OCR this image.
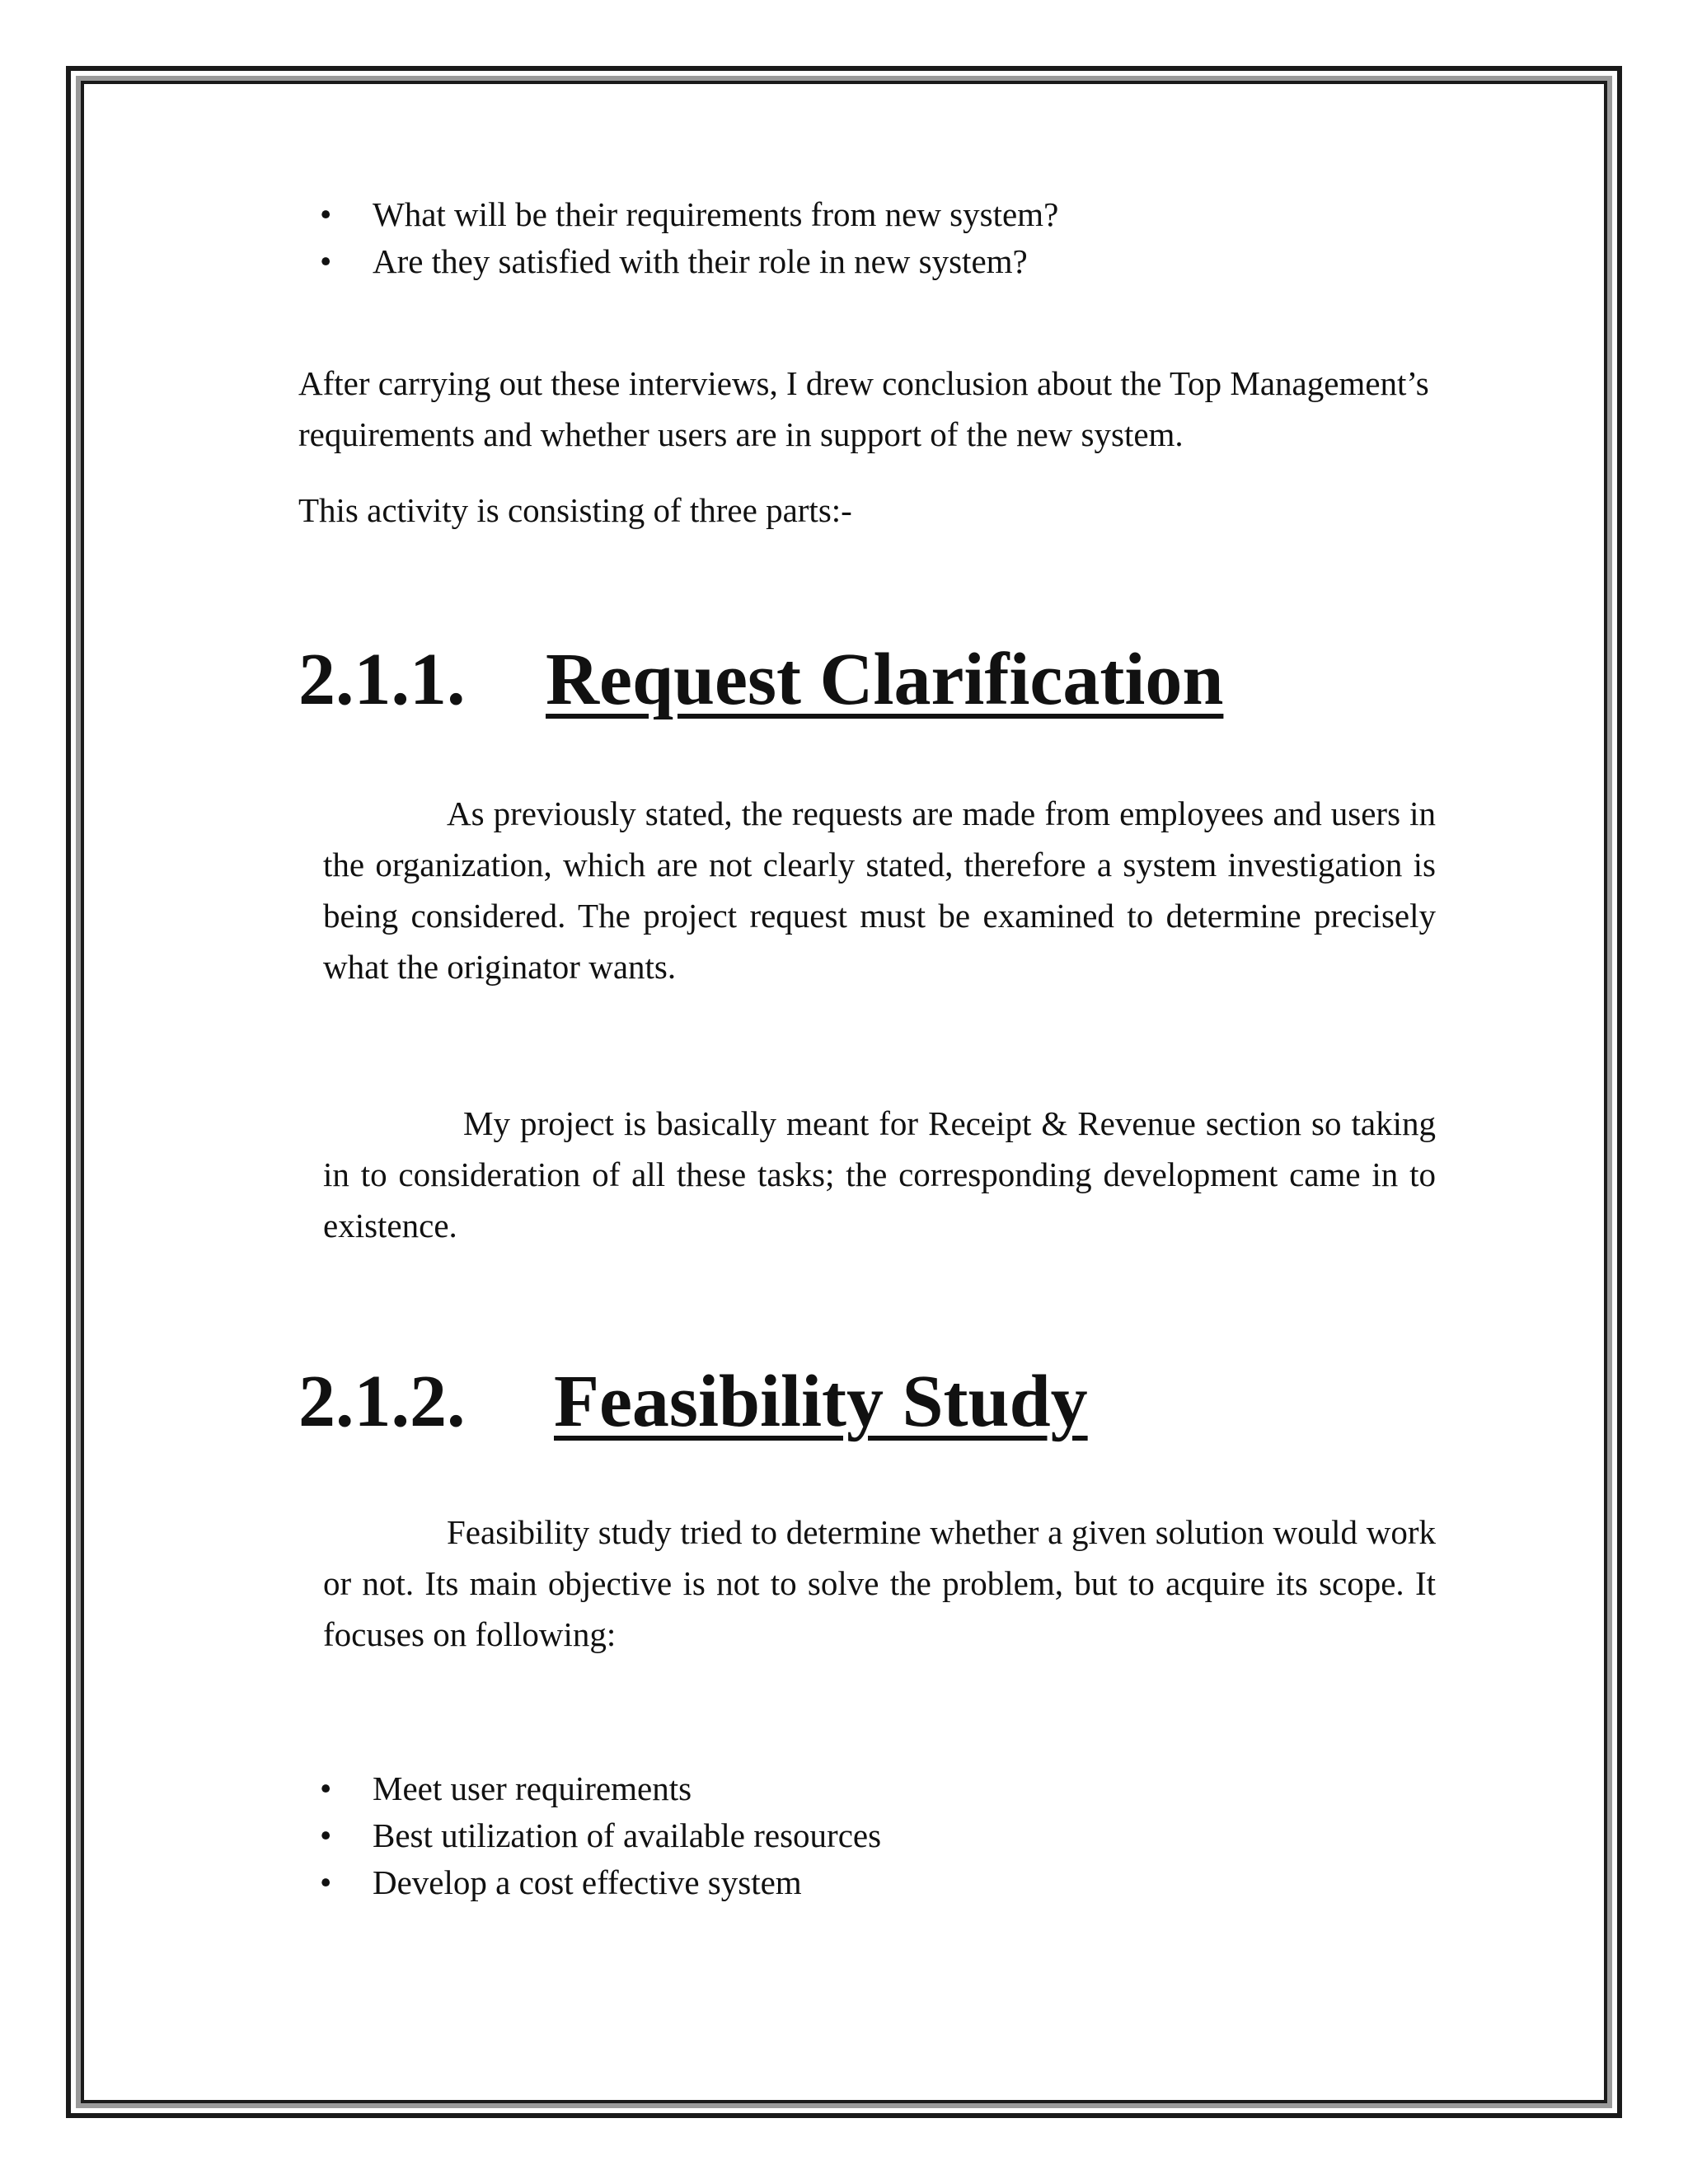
• What will be their requirements from new system?
• Are they satisfied with their role in new system?

After carrying out these interviews, I drew conclusion about the Top Management’s requirements and whether users are in support of the new system.

This activity is consisting of three parts:-

2.1.1.	Request Clarification

As previously stated, the requests are made from employees and users in the organization, which are not clearly stated, therefore a system investigation is being considered. The project request must be examined to determine precisely what the originator wants.

My project is basically meant for Receipt & Revenue section so taking in to consideration of all these tasks; the corresponding development came in to existence.

2.1.2.	Feasibility Study

Feasibility study tried to determine whether a given solution would work or not. Its main objective is not to solve the problem, but to acquire its scope. It focuses on following:

• Meet user requirements
• Best utilization of available resources
• Develop a cost effective system
